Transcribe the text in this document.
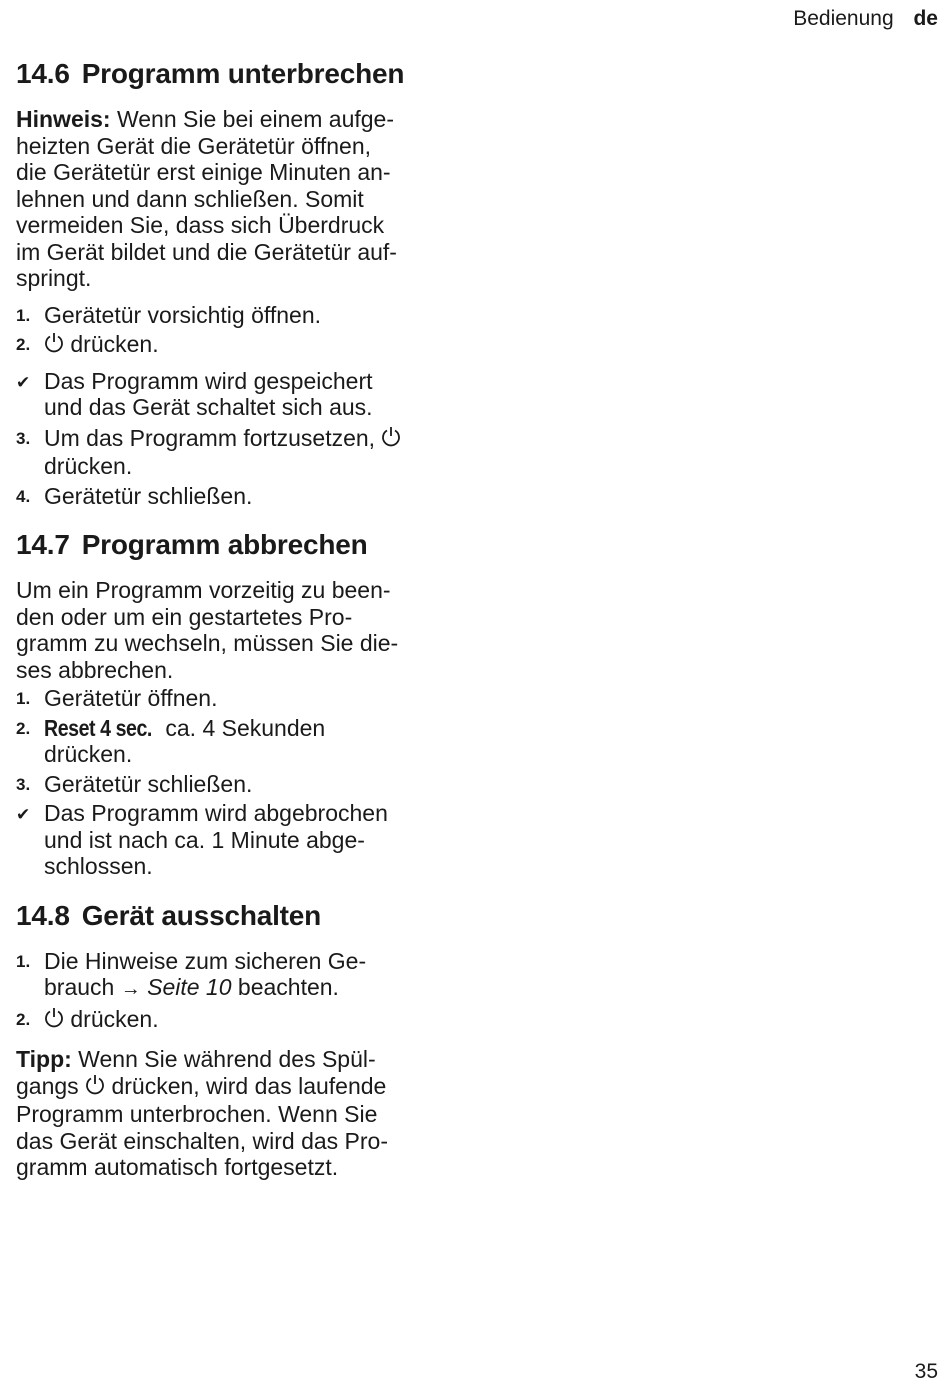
Bedienung de
14.6 Programm unterbrechen

Hinweis: Wenn Sie bei einem aufge-
heizten Gerät die Gerätetür öffnen,
die Gerätetür erst einige Minuten an-
lehnen und dann schließen. Somit
vermeiden Sie, dass sich Überdruck
im Gerät bildet und die Gerätetür auf-
springt.

1. Gerätetür vorsichtig öffnen.
2. drücken.
✔ Das Programm wird gespeichert
und das Gerät schaltet sich aus.
3. Um das Programm fortzusetzen,
drücken.
4. Gerätetür schließen.
14.7 Programm abbrechen

Um ein Programm vorzeitig zu been-
den oder um ein gestartetes Pro-
gramm zu wechseln, müssen Sie die-
ses abbrechen.

1. Gerätetür öffnen.
2. Reset 4 sec. ca. 4 Sekunden
drücken.
3. Gerätetür schließen.
✔ Das Programm wird abgebrochen
und ist nach ca. 1 Minute abge-
schlossen.
14.8 Gerät ausschalten
1. Die Hinweise zum sicheren Ge-
brauch → Seite 10 beachten.
2. drücken.

Tipp: Wenn Sie während des Spül-
gangs  drücken, wird das laufende
Programm unterbrochen. Wenn Sie
das Gerät einschalten, wird das Pro-
gramm automatisch fortgesetzt.

35
